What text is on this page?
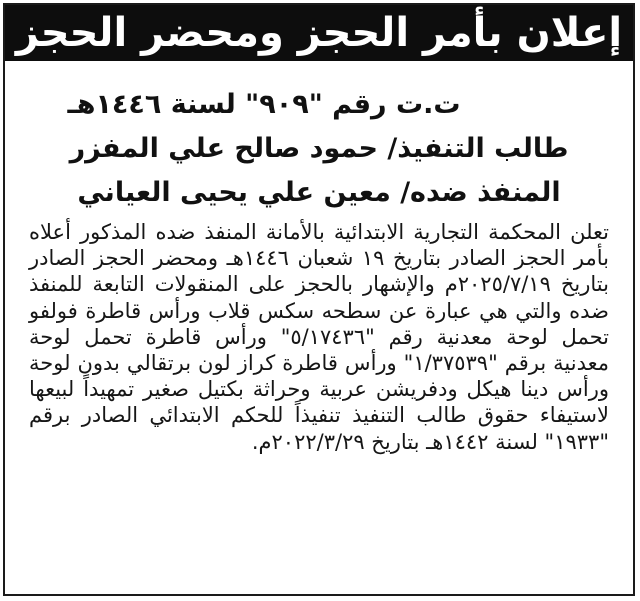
إعلان بأمر الحجز ومحضر الحجز
ت.ت رقم "٩٠٩" لسنة ١٤٤٦هـ
طالب التنفيذ/ حمود صالح علي المفزر
المنفذ ضده/ معين علي يحيى العياني
تعلن المحكمة التجارية الابتدائية بالأمانة المنفذ ضده المذكور أعلاه بأمر الحجز الصادر بتاريخ ١٩ شعبان ١٤٤٦هـ ومحضر الحجز الصادر بتاريخ ٢٠٢٥/٧/١٩م والإشهار بالحجز على المنقولات التابعة للمنفذ ضده والتي هي عبارة عن سطحه سكس قلاب ورأس قاطرة فولفو تحمل لوحة معدنية رقم "٥/١٧٤٣٦" ورأس قاطرة تحمل لوحة معدنية برقم "١/٣٧٥٣٩" ورأس قاطرة كراز لون برتقالي بدون لوحة ورأس دينا هيكل ودفريشن عربية وحراثة بكتيل صغير تمهيداً لبيعها لاستيفاء حقوق طالب التنفيذ تنفيذاً للحكم الابتدائي الصادر برقم "١٩٣٣" لسنة ١٤٤٢هـ بتاريخ ٢٠٢٢/٣/٢٩م.
